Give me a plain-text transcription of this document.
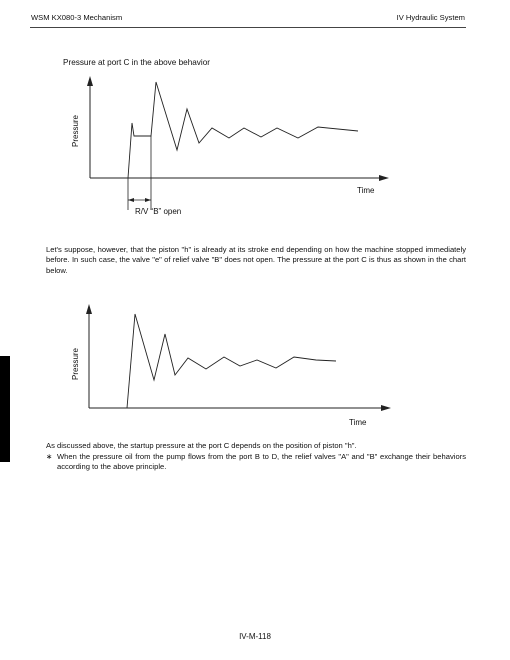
WSM KX080-3 Mechanism	IV Hydraulic System
Pressure at port C in the above behavior
Pressure
Time
R/V “B” open

Let's suppose, however, that the piston "h" is already at its stroke end depending on how the machine stopped immediately before. In such case, the valve "e" of relief valve "B" does not open. The pressure at the port C is thus as shown in the chart below.

Pressure
Time

As discussed above, the startup pressure at the port C depends on the position of piston "h".

∗ When the pressure oil from the pump flows from the port B to D, the relief valves "A" and "B" exchange their behaviors according to the above principle.

IV-M-118
